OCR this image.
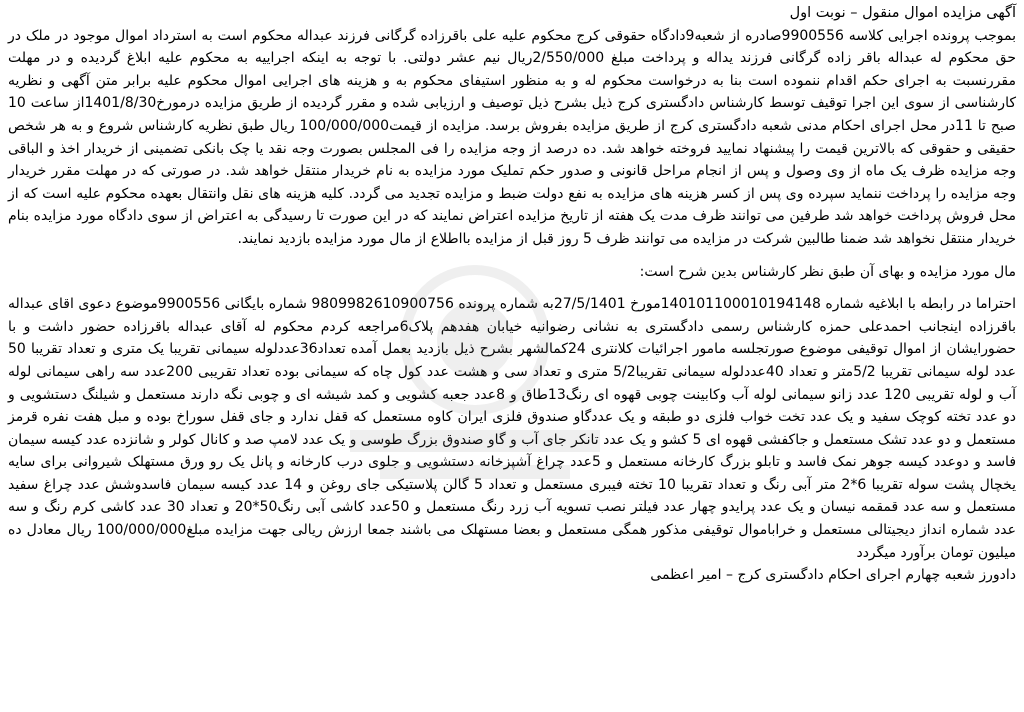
آگهی مزایده اموال منقول – نوبت اول

بموجب پرونده اجرایی کلاسه 9900556صادره از شعبه9دادگاه حقوقی کرج محکوم علیه علی باقرزاده گرگانی فرزند عبداله محکوم است به استرداد اموال موجود در ملک در حق محکوم له عبداله باقر زاده گرگانی فرزند یداله و پرداخت مبلغ 2/550/000ریال نیم عشر دولتی. با توجه به اینکه اجراییه به محکوم علیه ابلاغ گردیده و در مهلت مقررنسبت به اجرای حکم اقدام ننموده است بنا به درخواست محکوم له و به منظور استیفای محکوم به و هزینه های اجرایی اموال محکوم علیه برابر متن آگهی و نظریه کارشناسی از سوی این اجرا توقیف توسط کارشناس دادگستری کرج ذیل بشرح ذیل توصیف و ارزیابی شده و مقرر گردیده از طریق مزایده درمورخ1401/8/30از ساعت 10 صبح تا 11در محل اجرای احکام مدنی شعبه دادگستری کرج از طریق مزایده بفروش برسد. مزایده از قیمت100/000/000 ریال طبق نظریه کارشناس شروع و به هر شخص حقیقی و حقوقی که بالاترین قیمت را پیشنهاد نمایید فروخته خواهد شد. ده درصد از وجه مزایده را فی المجلس بصورت وجه نقد یا چک بانکی تضمینی از خریدار اخذ و الباقی وجه مزایده ظرف یک ماه از وی وصول و پس از انجام مراحل قانونی و صدور حکم تملیک مورد مزایده به نام خریدار منتقل خواهد شد. در صورتی که در مهلت مقرر خریدار وجه مزایده را پرداخت ننماید سپرده وی پس از کسر هزینه های مزایده به نفع دولت ضبط و مزایده تجدید می گردد. کلیه هزینه های نقل وانتقال بعهده محکوم علیه است که از محل فروش پرداخت خواهد شد طرفین می توانند ظرف مدت یک هفته از تاریخ مزایده اعتراض نمایند که در این صورت تا رسیدگی به اعتراض از سوی دادگاه مورد مزایده بنام خریدار منتقل نخواهد شد ضمنا طالبین شرکت در مزایده می توانند ظرف 5 روز قبل از مزایده بااطلاع از مال مورد مزایده بازدید نمایند.

مال مورد مزایده و بهای آن طبق نظر کارشناس بدین شرح است:

احتراما در رابطه با ابلاغیه شماره 140101100010194148مورخ 27/5/1401به شماره پرونده 9809982610900756 شماره بایگانی 9900556موضوع دعوی اقای عبداله باقرزاده اینجانب احمدعلی حمزه کارشناس رسمی دادگستری به نشانی رضوانیه خیابان هفدهم پلاک6مراجعه کردم محکوم له آقای عبداله باقرزاده حضور داشت و با حضورایشان از اموال توقیفی موضوع صورتجلسه مامور اجرائیات کلانتری 24کمالشهر بشرح ذیل بازدید بعمل آمده تعداد36عددلوله سیمانی تقریبا یک متری و تعداد تقریبا 50 عدد لوله سیمانی تقریبا 5/2متر و تعداد 40عددلوله سیمانی تقریبا5/2 متری و تعداد سی و هشت عدد کول چاه که سیمانی بوده تعداد تقریبی 200عدد سه راهی سیمانی لوله آب و لوله تقریبی 120 عدد زانو سیمانی لوله آب وکابینت چوبی قهوه ای رنگ13طاق و 8عدد جعبه کشویی و کمد شیشه ای و چوبی نگه دارند مستعمل و شیلنگ دستشویی و دو عدد تخته کوچک سفید و یک عدد تخت خواب فلزی دو طبقه و یک عددگاو صندوق فلزی ایران کاوه مستعمل که قفل ندارد و جای قفل سوراخ بوده و مبل هفت نفره قرمز مستعمل و دو عدد تشک مستعمل و جاکفشی قهوه ای 5 کشو و یک عدد تانکر جای آب و گاو صندوق بزرگ طوسی و یک عدد لامپ صد و کانال کولر و شانزده عدد کیسه سیمان فاسد و دوعدد کیسه جوهر نمک فاسد و تابلو بزرگ کارخانه مستعمل و 5عدد چراغ آشپزخانه دستشویی و جلوی درب کارخانه و پانل یک رو ورق مستهلک شیروانی برای سایه یخچال پشت سوله تقریبا 6*2 متر آبی رنگ و تعداد تقریبا 10 تخته فیبری مستعمل و تعداد 5 گالن پلاستیکی جای روغن و 14 عدد کیسه سیمان فاسدوشش عدد چراغ سفید مستعمل و سه عدد قمقمه نیسان و یک عدد پرایدو چهار عدد فیلتر نصب تسویه آب زرد رنگ مستعمل و 50عدد کاشی آبی رنگ50*20 و تعداد 30 عدد کاشی کرم رنگ و سه عدد شماره انداز دیجیتالی مستعمل و خراباموال توقیفی مذکور همگی مستعمل و بعضا مستهلک می باشند جمعا ارزش ریالی جهت مزایده مبلغ100/000/000 ریال معادل ده میلیون تومان برآورد میگردد

دادورز شعبه چهارم اجرای احکام دادگستری کرج – امیر اعظمی
